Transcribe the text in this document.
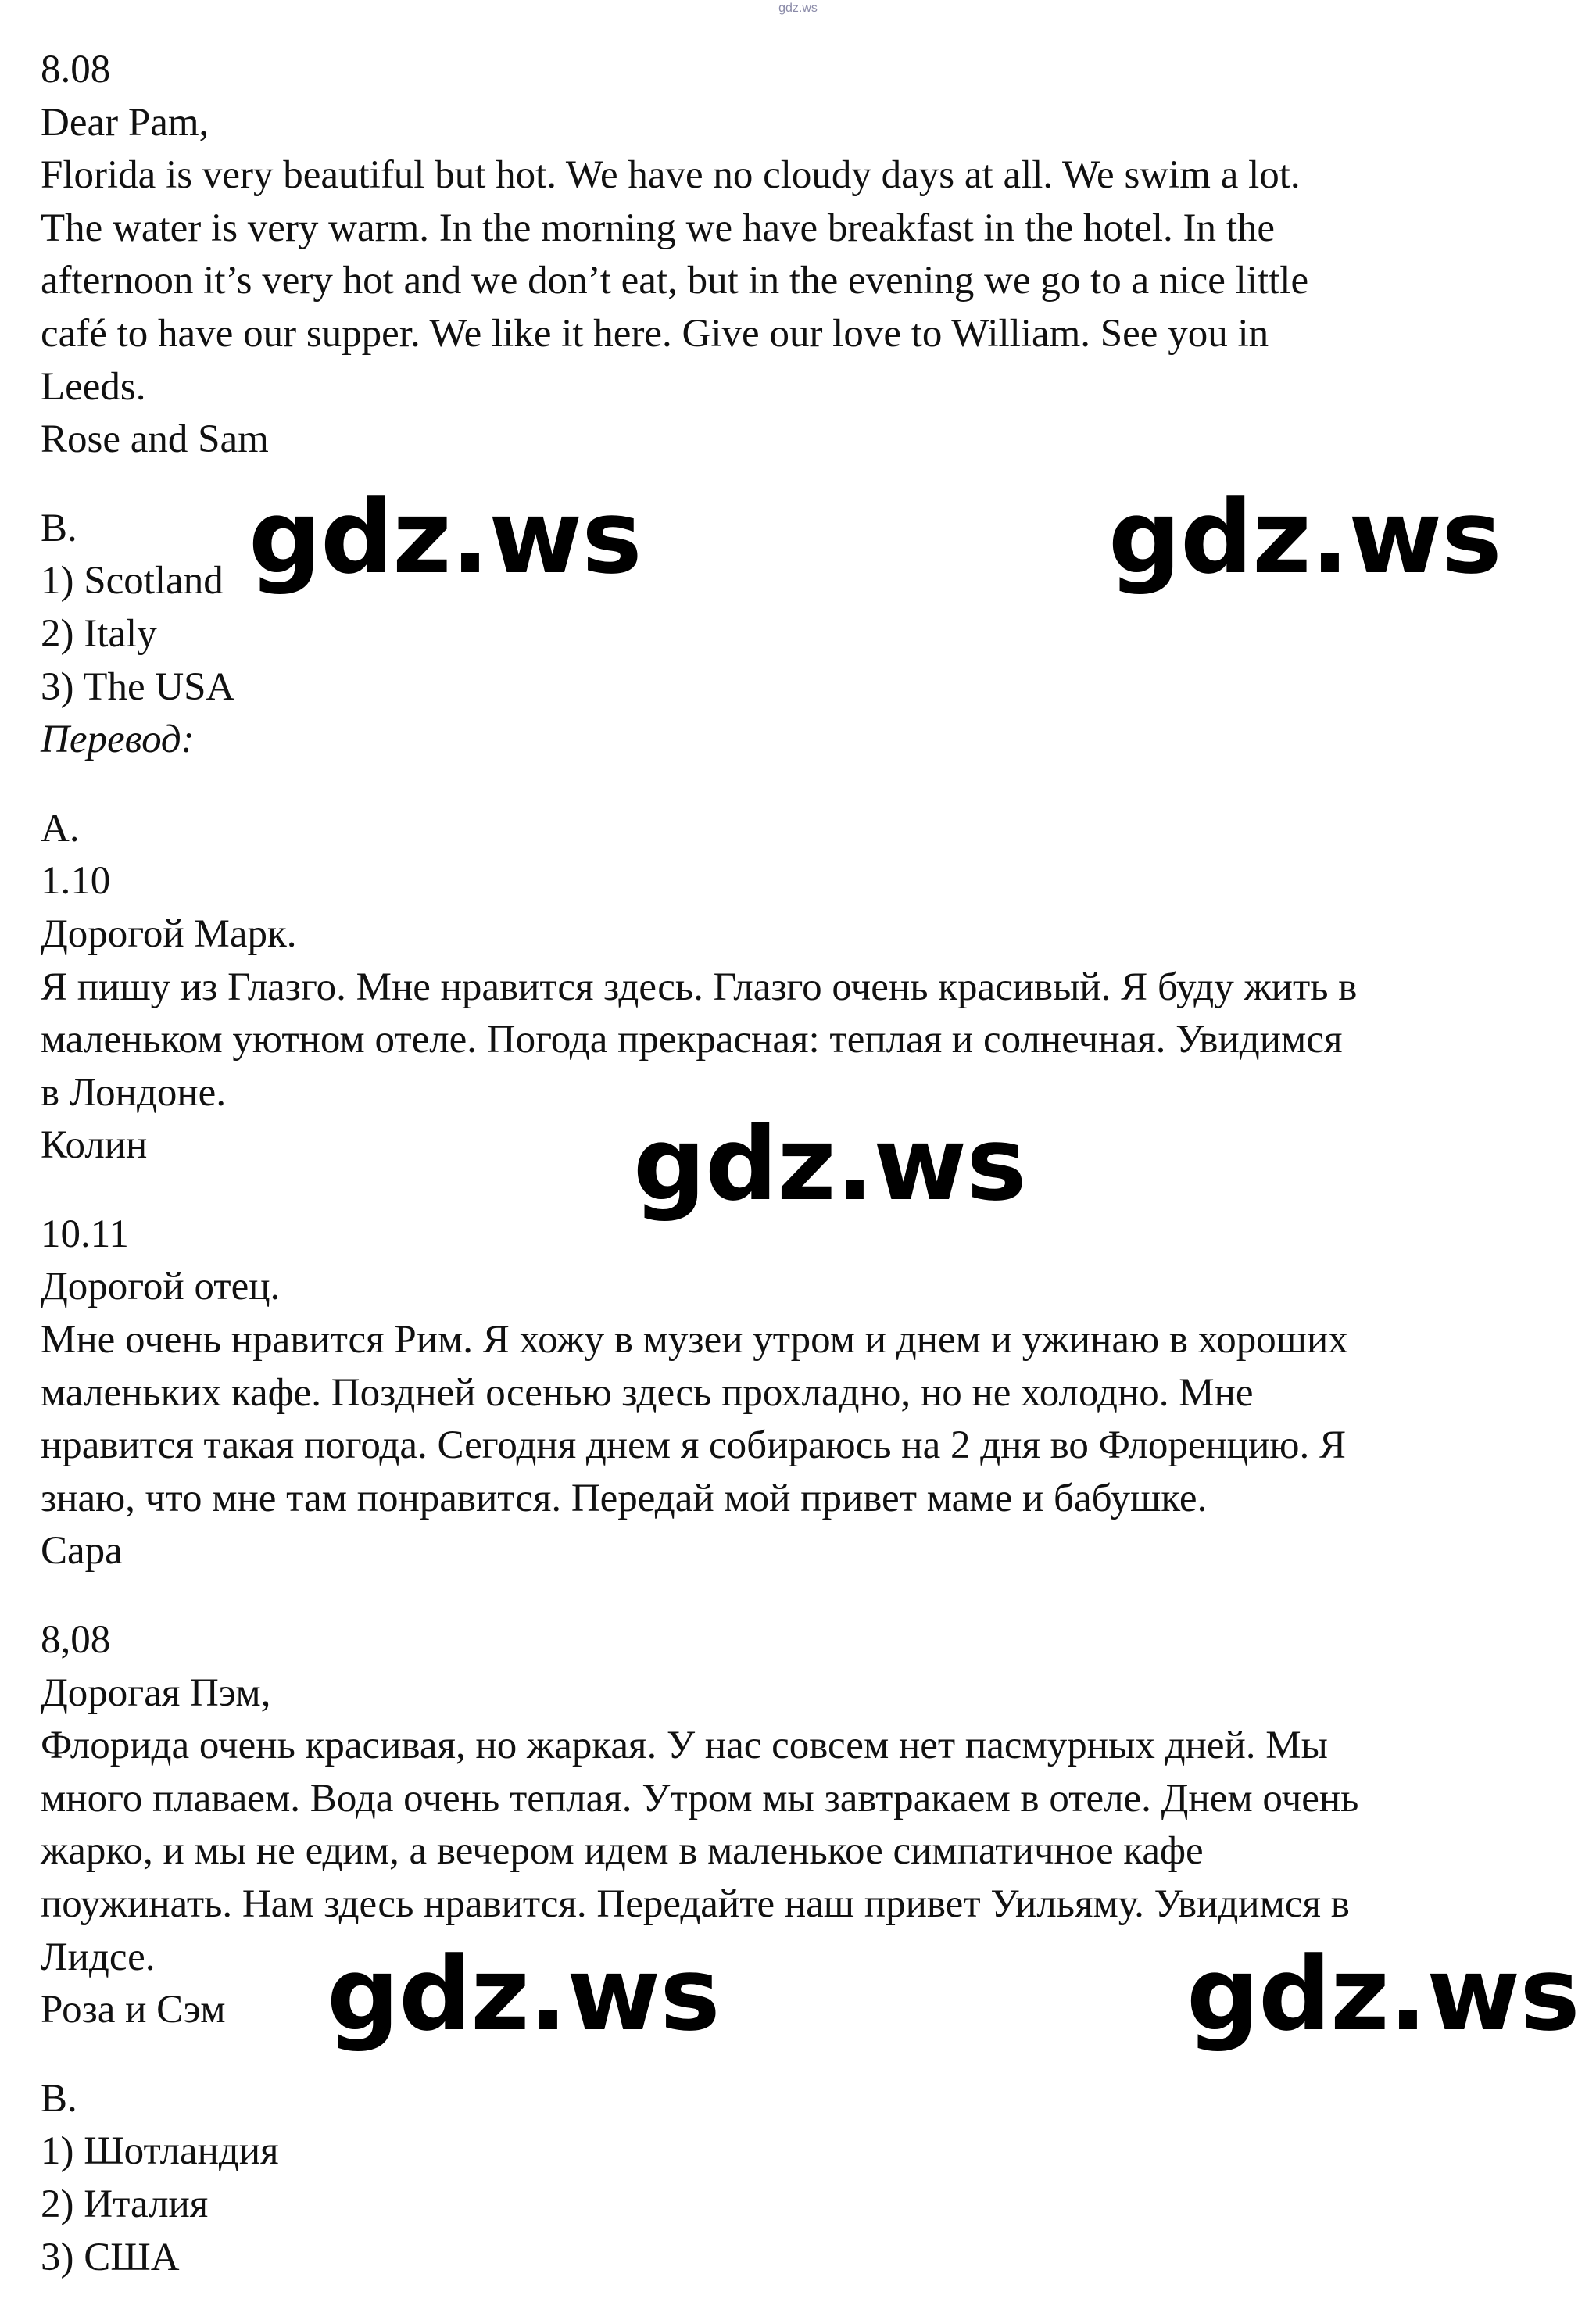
gdz.ws
8.08
Dear Pam,
Florida is very beautiful but hot. We have no cloudy days at all. We swim a lot.
The water is very warm. In the morning we have breakfast in the hotel. In the
afternoon it’s very hot and we don’t eat, but in the evening we go to a nice little
café to have our supper. We like it here. Give our love to William. See you in
Leeds.
Rose and Sam
B.
1) Scotland
2) Italy
3) The USA
Перевод:
A.
1.10
Дорогой Марк.
Я пишу из Глазго. Мне нравится здесь. Глазго очень красивый. Я буду жить в
маленьком уютном отеле. Погода прекрасная: теплая и солнечная. Увидимся
в Лондоне.
Колин
10.11
Дорогой отец.
Мне очень нравится Рим. Я хожу в музеи утром и днем и ужинаю в хороших
маленьких кафе. Поздней осенью здесь прохладно, но не холодно. Мне
нравится такая погода. Сегодня днем я собираюсь на 2 дня во Флоренцию. Я
знаю, что мне там понравится. Передай мой привет маме и бабушке.
Сара
8,08
Дорогая Пэм,
Флорида очень красивая, но жаркая. У нас совсем нет пасмурных дней. Мы
много плаваем. Вода очень теплая. Утром мы завтракаем в отеле. Днем очень
жарко, и мы не едим, а вечером идем в маленькое симпатичное кафе
поужинать. Нам здесь нравится. Передайте наш привет Уильяму. Увидимся в
Лидсе.
Роза и Сэм
B.
1) Шотландия
2) Италия
3) США
gdz.ws	gdz.ws
gdz.ws
gdz.ws	gdz.ws
